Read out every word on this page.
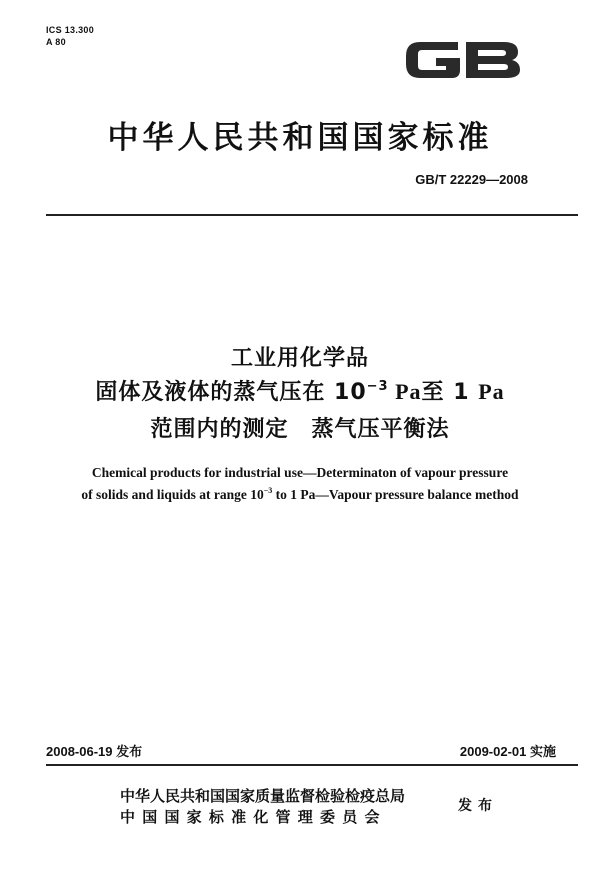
ICS 13.300
A 80
中华人民共和国国家标准
GB/T 22229—2008
工业用化学品
固体及液体的蒸气压在 $10^{-3}$ Pa至 1 Pa
范围内的测定　蒸气压平衡法
Chemical products for industrial use—Determinaton of vapour pressure
of solids and liquids at range $10^{-3}$ to 1 Pa—Vapour pressure balance method
2008-06-19 发布	2009-02-01 实施
中华人民共和国国家质量监督检验检疫总局
中 国 国 家 标 准 化 管 理 委 员 会
发布
